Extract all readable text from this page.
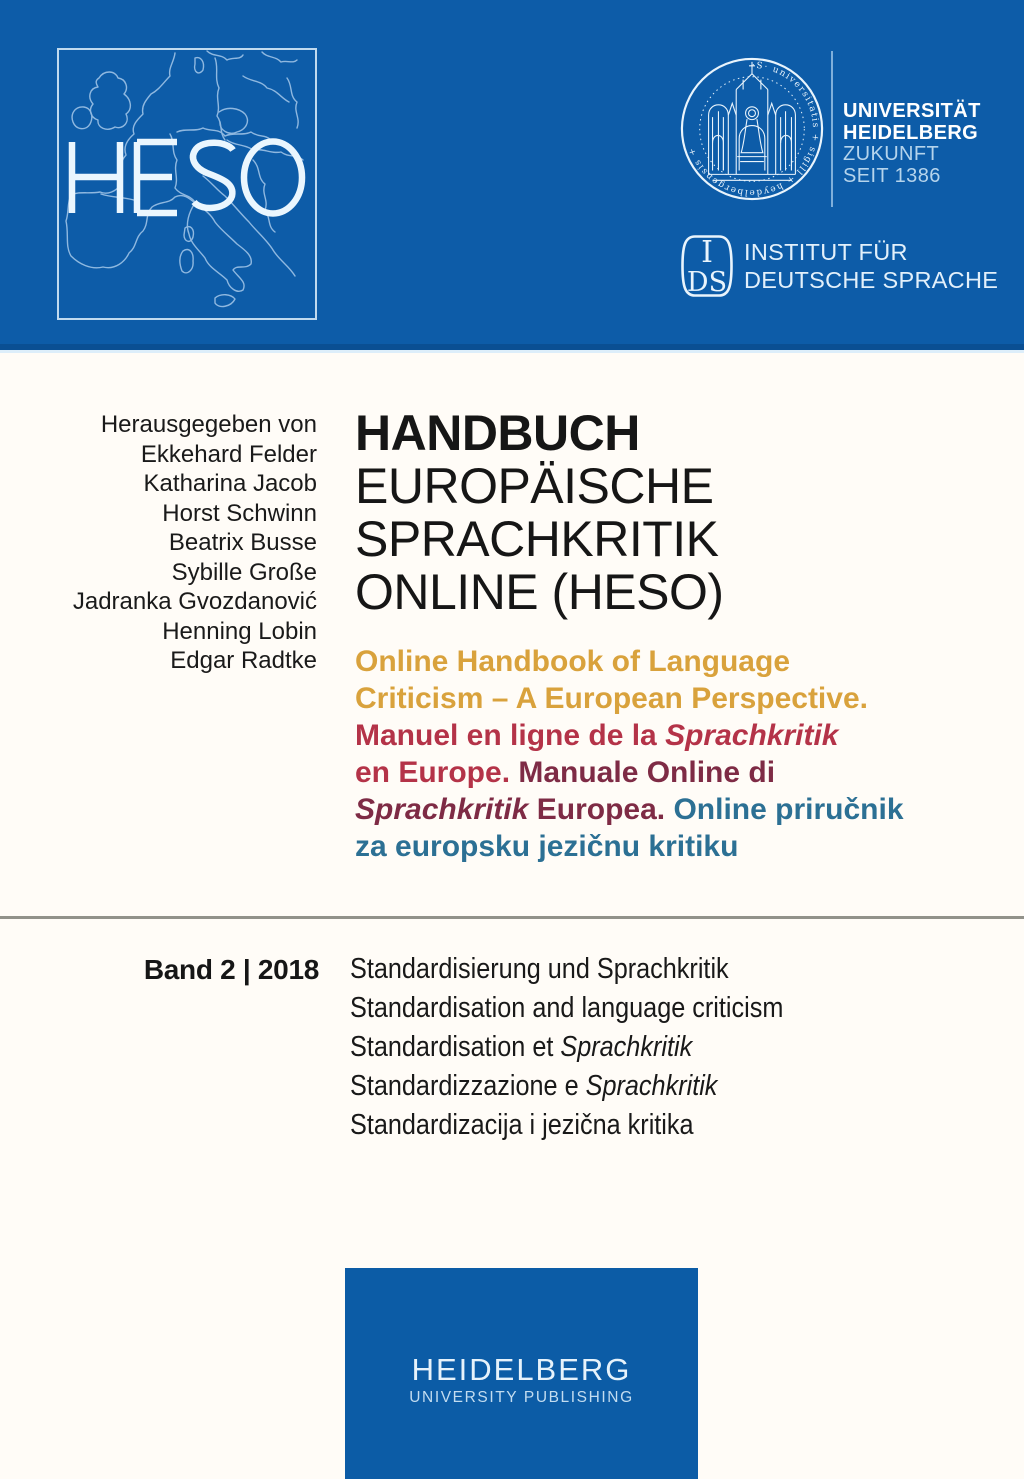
·S· universitatis + sigill + heydelbergensis +
UNIVERSITÄT
HEIDELBERG
ZUKUNFT
SEIT 1386
I
DS
INSTITUT FÜR
DEUTSCHE SPRACHE
Herausgegeben von
Ekkehard Felder
Katharina Jacob
Horst Schwinn
Beatrix Busse
Sybille Große
Jadranka Gvozdanović
Henning Lobin
Edgar Radtke
HANDBUCH
EUROPÄISCHE
SPRACHKRITIK
ONLINE (HESO)
Online Handbook of Language
Criticism – A European Perspective.
Manuel en ligne de la Sprachkritik
en Europe. Manuale Online di
Sprachkritik Europea. Online priručnik
za europsku jezičnu kritiku
Band 2 | 2018 Standardisierung und Sprachkritik
Standardisation and language criticism
Standardisation et Sprachkritik
Standardizzazione e Sprachkritik
Standardizacija i jezična kritika
HEIDELBERG
UNIVERSITY PUBLISHING
